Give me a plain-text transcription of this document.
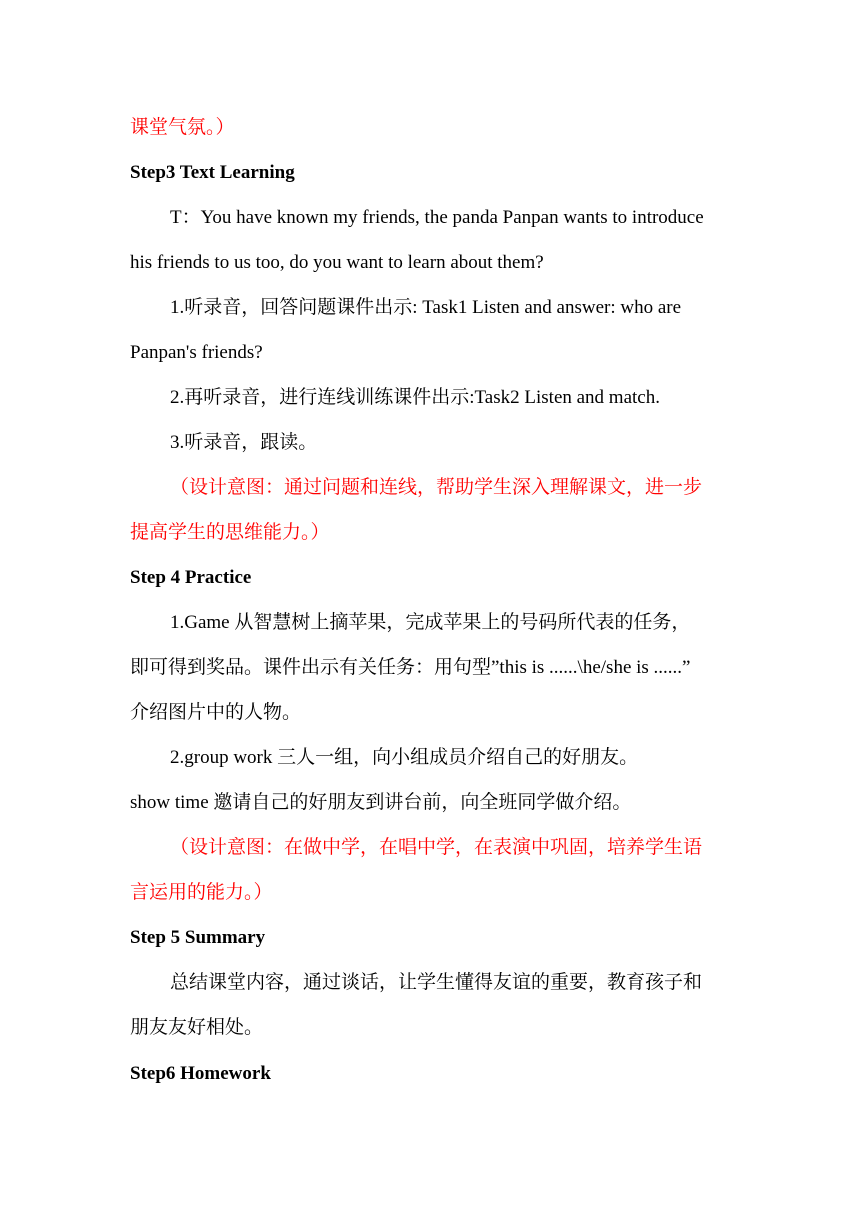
课堂气氛。）
Step3 Text Learning
T：You have known my friends, the panda Panpan wants to introduce
his friends to us too, do you want to learn about them?
1.听录音，回答问题课件出示: Task1 Listen and answer: who are
Panpan's friends?
2.再听录音，进行连线训练课件出示:Task2 Listen and match.
3.听录音，跟读。
（设计意图：通过问题和连线，帮助学生深入理解课文，进一步
提高学生的思维能力。）
Step 4 Practice
1.Game 从智慧树上摘苹果，完成苹果上的号码所代表的任务，
即可得到奖品。课件出示有关任务：用句型”this is ......\he/she is ......”
介绍图片中的人物。
2.group work 三人一组，向小组成员介绍自己的好朋友。
show time 邀请自己的好朋友到讲台前，向全班同学做介绍。
（设计意图：在做中学，在唱中学，在表演中巩固，培养学生语
言运用的能力。）
Step 5 Summary
总结课堂内容，通过谈话，让学生懂得友谊的重要，教育孩子和
朋友友好相处。
Step6 Homework
